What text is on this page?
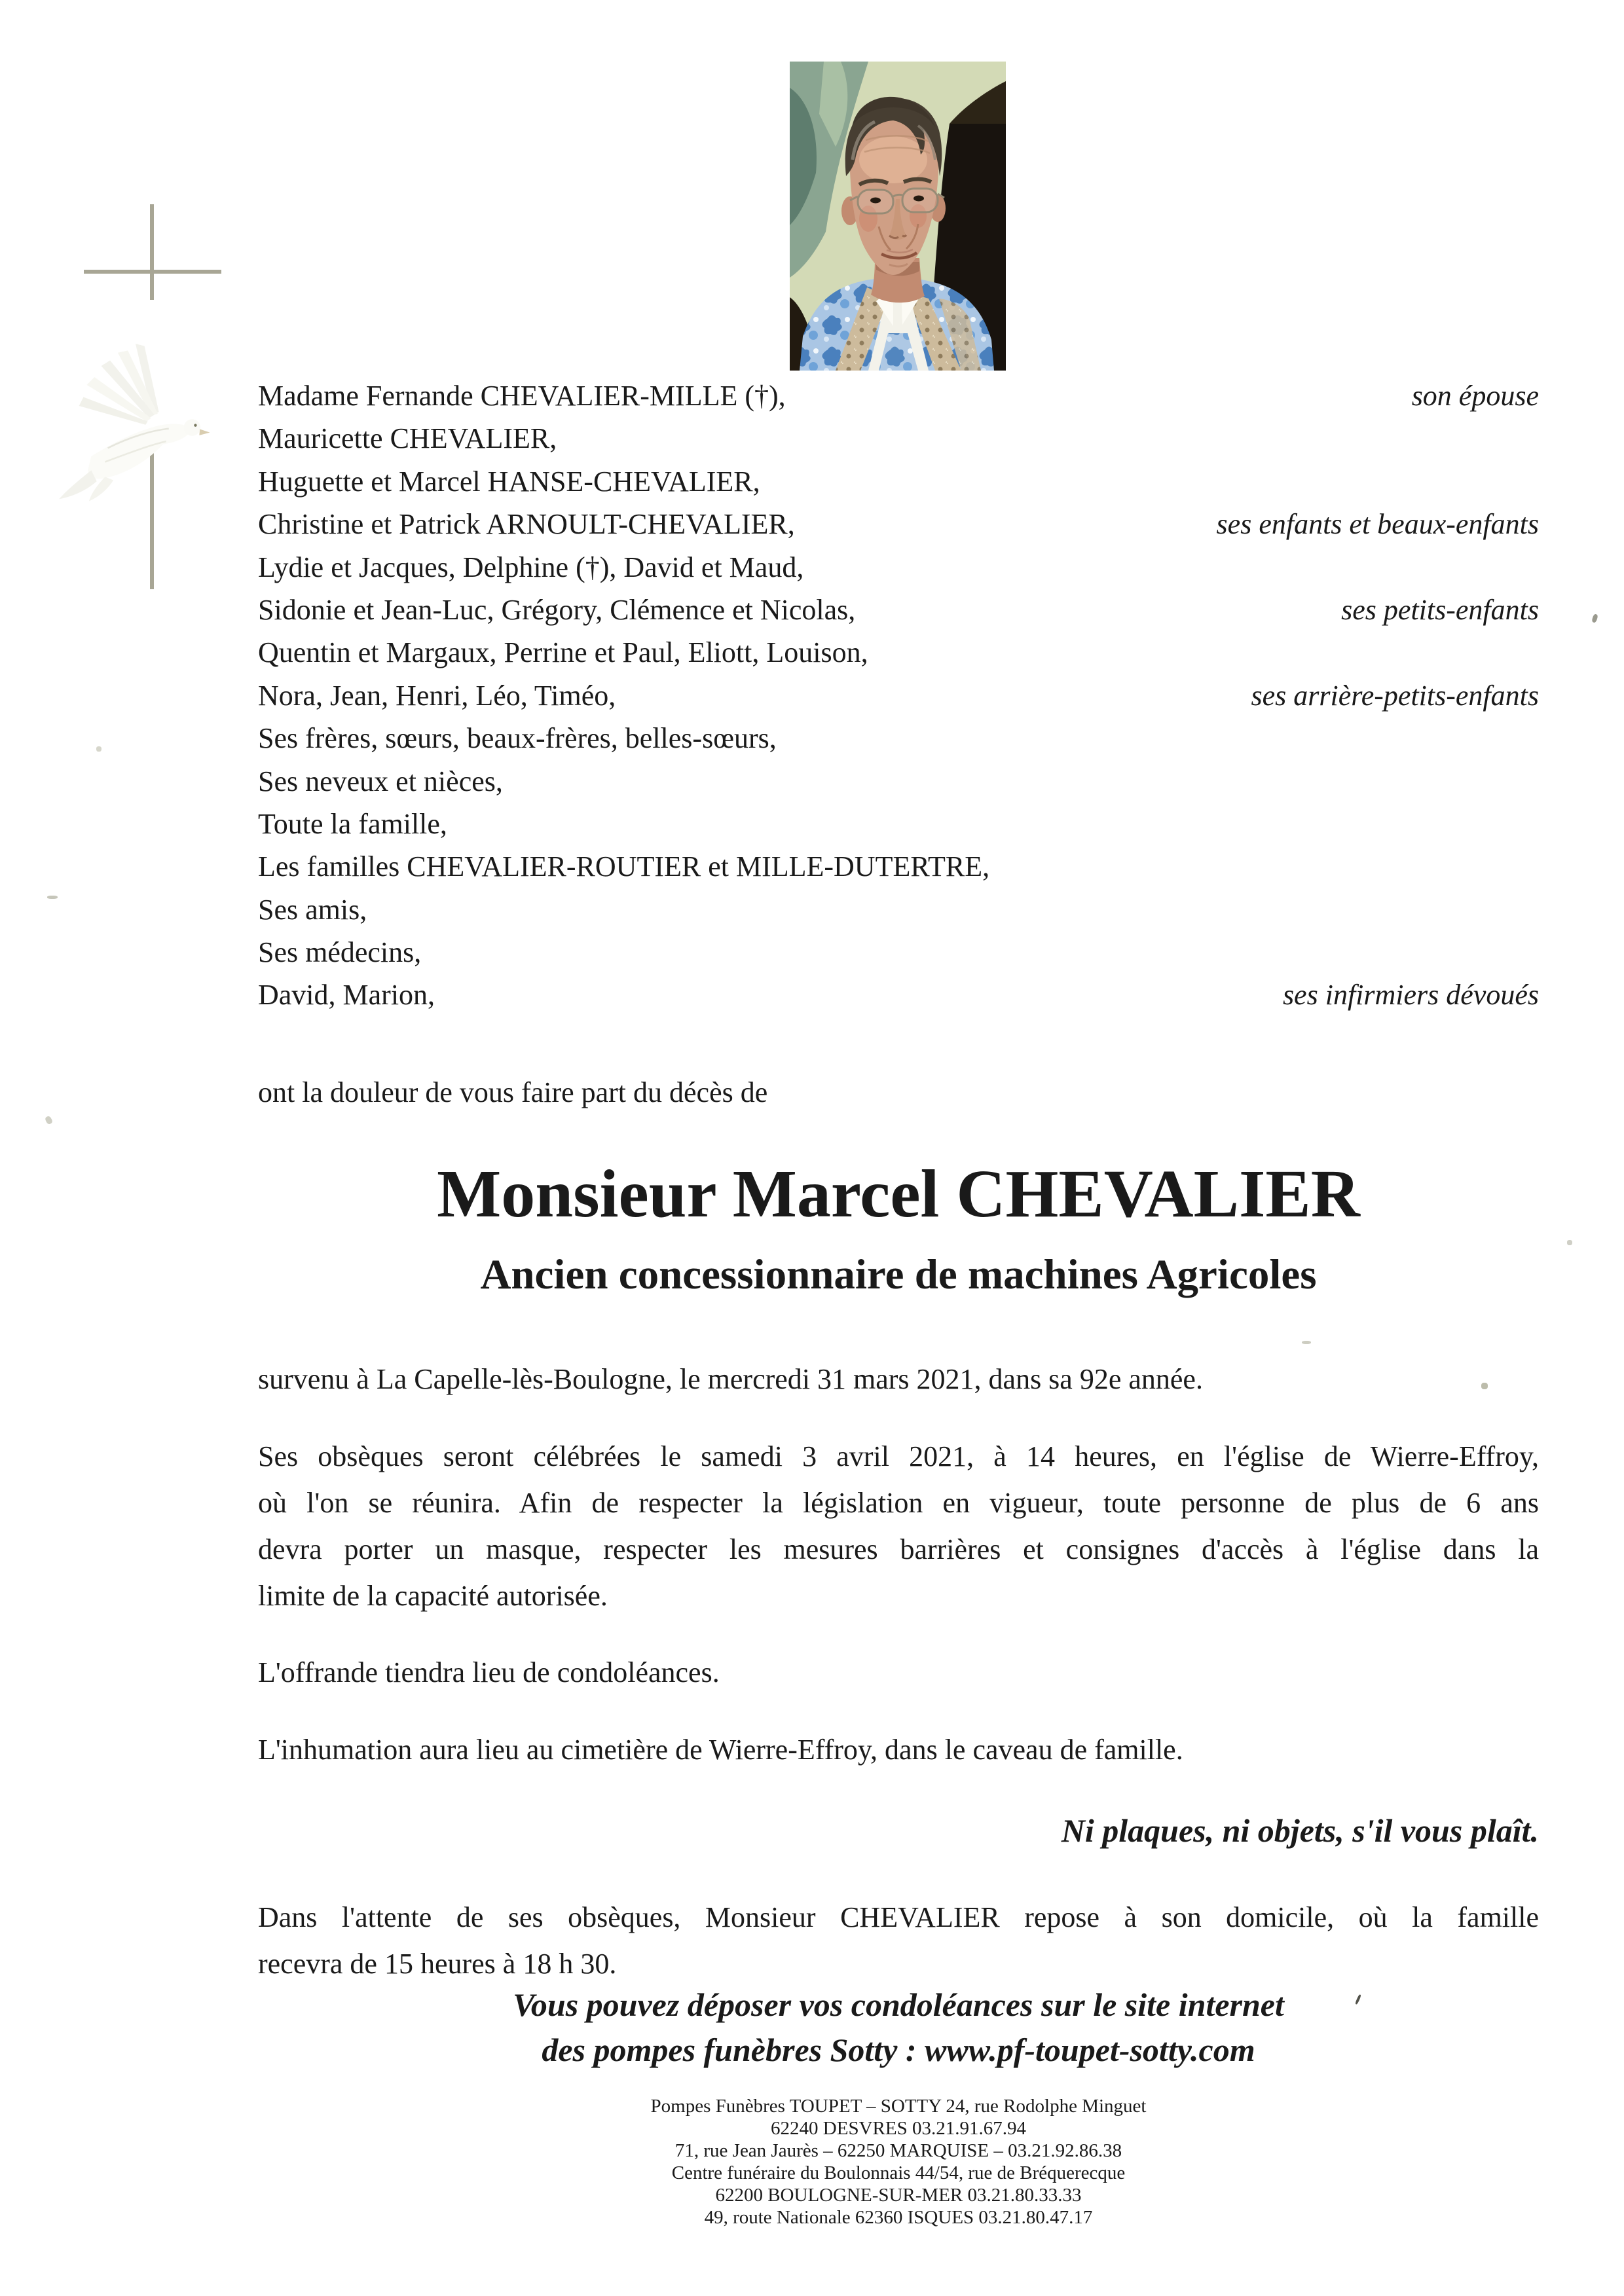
Madame Fernande CHEVALIER-MILLE (†),	son épouse
Mauricette CHEVALIER,
Huguette et Marcel HANSE-CHEVALIER,
Christine et Patrick ARNOULT-CHEVALIER,	ses enfants et beaux-enfants
Lydie et Jacques, Delphine (†), David et Maud,
Sidonie et Jean-Luc, Grégory, Clémence et Nicolas,	ses petits-enfants
Quentin et Margaux, Perrine et Paul, Eliott, Louison,
Nora, Jean, Henri, Léo, Timéo,	ses arrière-petits-enfants
Ses frères, sœurs, beaux-frères, belles-sœurs,
Ses neveux et nièces,
Toute la famille,
Les familles CHEVALIER-ROUTIER et MILLE-DUTERTRE,
Ses amis,
Ses médecins,
David, Marion,	ses infirmiers dévoués
ont la douleur de vous faire part du décès de
Monsieur Marcel CHEVALIER
Ancien concessionnaire de machines Agricoles
survenu à La Capelle-lès-Boulogne, le mercredi 31 mars 2021, dans sa 92e année.
Ses obsèques seront célébrées le samedi 3 avril 2021, à 14 heures, en l'église de Wierre-Effroy,
où l'on se réunira. Afin de respecter la législation en vigueur, toute personne de plus de 6 ans
devra porter un masque, respecter les mesures barrières et consignes d'accès à l'église dans la
limite de la capacité autorisée.
L'offrande tiendra lieu de condoléances.
L'inhumation aura lieu au cimetière de Wierre-Effroy, dans le caveau de famille.
Ni plaques, ni objets, s'il vous plaît.
Dans l'attente de ses obsèques, Monsieur CHEVALIER repose à son domicile, où la famille
recevra de 15 heures à 18 h 30.
Vous pouvez déposer vos condoléances sur le site internet
des pompes funèbres Sotty : www.pf-toupet-sotty.com
Pompes Funèbres TOUPET – SOTTY 24, rue Rodolphe Minguet
62240 DESVRES 03.21.91.67.94
71, rue Jean Jaurès – 62250 MARQUISE – 03.21.92.86.38
Centre funéraire du Boulonnais 44/54, rue de Bréquerecque
62200 BOULOGNE-SUR-MER 03.21.80.33.33
49, route Nationale 62360 ISQUES 03.21.80.47.17
